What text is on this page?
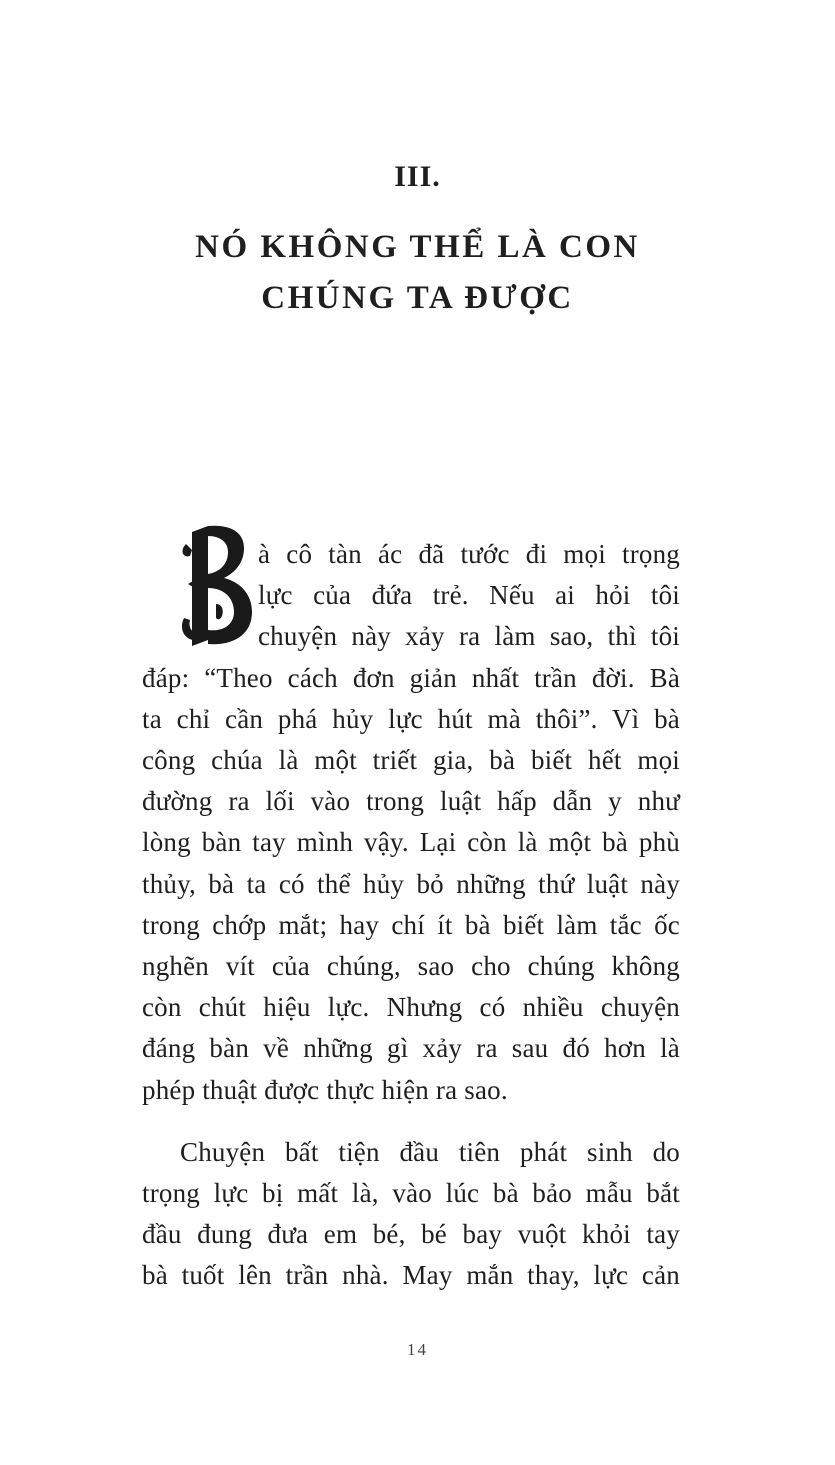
III.
NÓ KHÔNG THỂ LÀ CON
CHÚNG TA ĐƯỢC
à cô tàn ác đã tước đi mọi trọng
lực của đứa trẻ. Nếu ai hỏi tôi
chuyện này xảy ra làm sao, thì tôi
đáp: “Theo cách đơn giản nhất trần đời. Bà
ta chỉ cần phá hủy lực hút mà thôi”. Vì bà
công chúa là một triết gia, bà biết hết mọi
đường ra lối vào trong luật hấp dẫn y như
lòng bàn tay mình vậy. Lại còn là một bà phù
thủy, bà ta có thể hủy bỏ những thứ luật này
trong chớp mắt; hay chí ít bà biết làm tắc ốc
nghẽn vít của chúng, sao cho chúng không
còn chút hiệu lực. Nhưng có nhiều chuyện
đáng bàn về những gì xảy ra sau đó hơn là
phép thuật được thực hiện ra sao.
Chuyện bất tiện đầu tiên phát sinh do
trọng lực bị mất là, vào lúc bà bảo mẫu bắt
đầu đung đưa em bé, bé bay vuột khỏi tay
bà tuốt lên trần nhà. May mắn thay, lực cản
14
